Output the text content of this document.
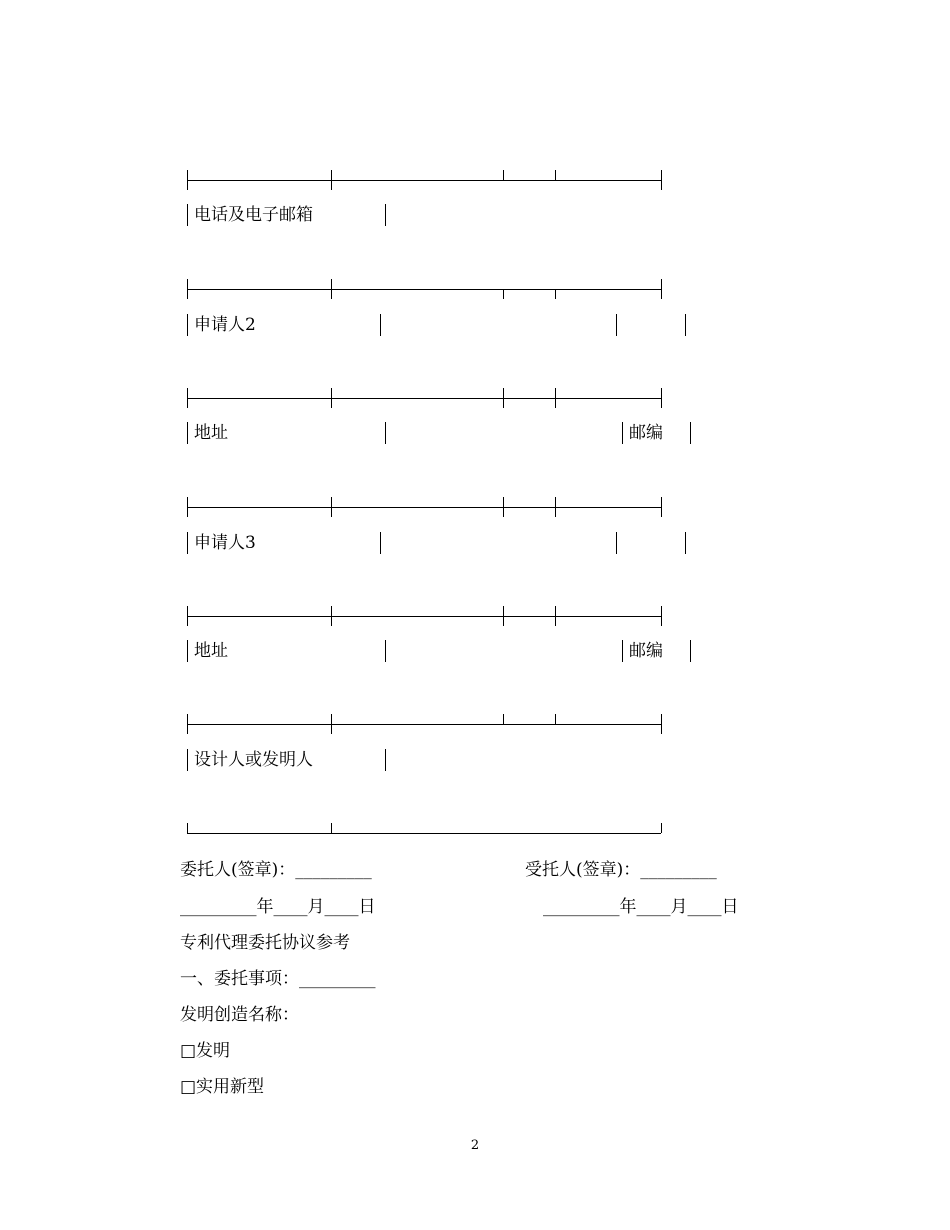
电话及电子邮箱
申请人2
地址	邮编
申请人3
地址	邮编
设计人或发明人
委托人(签章)：_________	受托人(签章)：_________
_________年____月____日	_________年____月____日
专利代理委托协议参考
一、委托事项：_________
发明创造名称：
□发明
□实用新型
2
